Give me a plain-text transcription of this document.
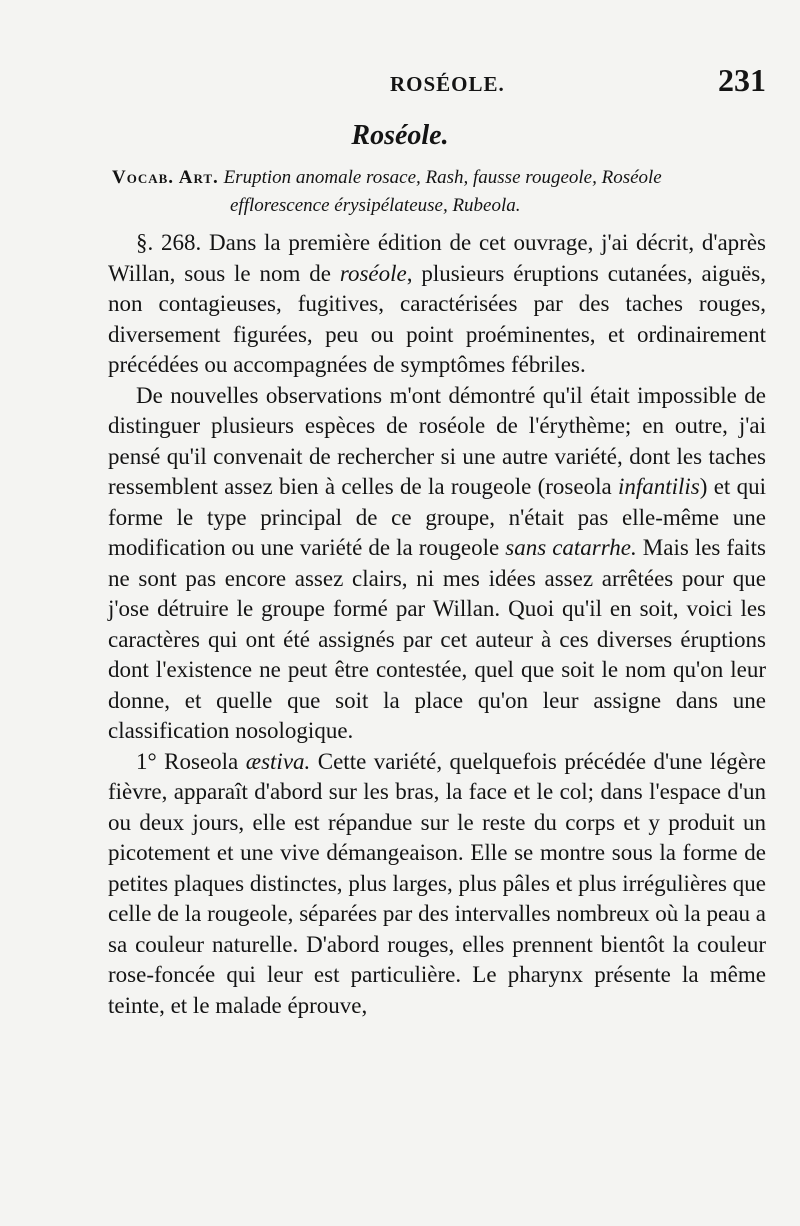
ROSÉOLE.	231
Roséole.
Vocab. Art. Eruption anomale rosace, Rash, fausse rougeole, Roséole
efflorescence érysipélateuse, Rubeola.

§. 268. Dans la première édition de cet ouvrage, j'ai décrit, d'après Willan, sous le nom de roséole, plusieurs éruptions cutanées, aiguës, non contagieuses, fugitives, caractérisées par des taches rouges, diversement figurées, peu ou point proéminentes, et ordinairement précédées ou accompagnées de symptômes fébriles.

De nouvelles observations m'ont démontré qu'il était impossible de distinguer plusieurs espèces de roséole de l'érythème; en outre, j'ai pensé qu'il convenait de rechercher si une autre variété, dont les taches ressemblent assez bien à celles de la rougeole (roseola infantilis) et qui forme le type principal de ce groupe, n'était pas elle-même une modification ou une variété de la rougeole sans catarrhe. Mais les faits ne sont pas encore assez clairs, ni mes idées assez arrêtées pour que j'ose détruire le groupe formé par Willan. Quoi qu'il en soit, voici les caractères qui ont été assignés par cet auteur à ces diverses éruptions dont l'existence ne peut être contestée, quel que soit le nom qu'on leur donne, et quelle que soit la place qu'on leur assigne dans une classification nosologique.

1° Roseola æstiva. Cette variété, quelquefois précédée d'une légère fièvre, apparaît d'abord sur les bras, la face et le col; dans l'espace d'un ou deux jours, elle est répandue sur le reste du corps et y produit un picotement et une vive démangeaison. Elle se montre sous la forme de petites plaques distinctes, plus larges, plus pâles et plus irrégulières que celle de la rougeole, séparées par des intervalles nombreux où la peau a sa couleur naturelle. D'abord rouges, elles prennent bientôt la couleur rose-foncée qui leur est particulière. Le pharynx présente la même teinte, et le malade éprouve,
